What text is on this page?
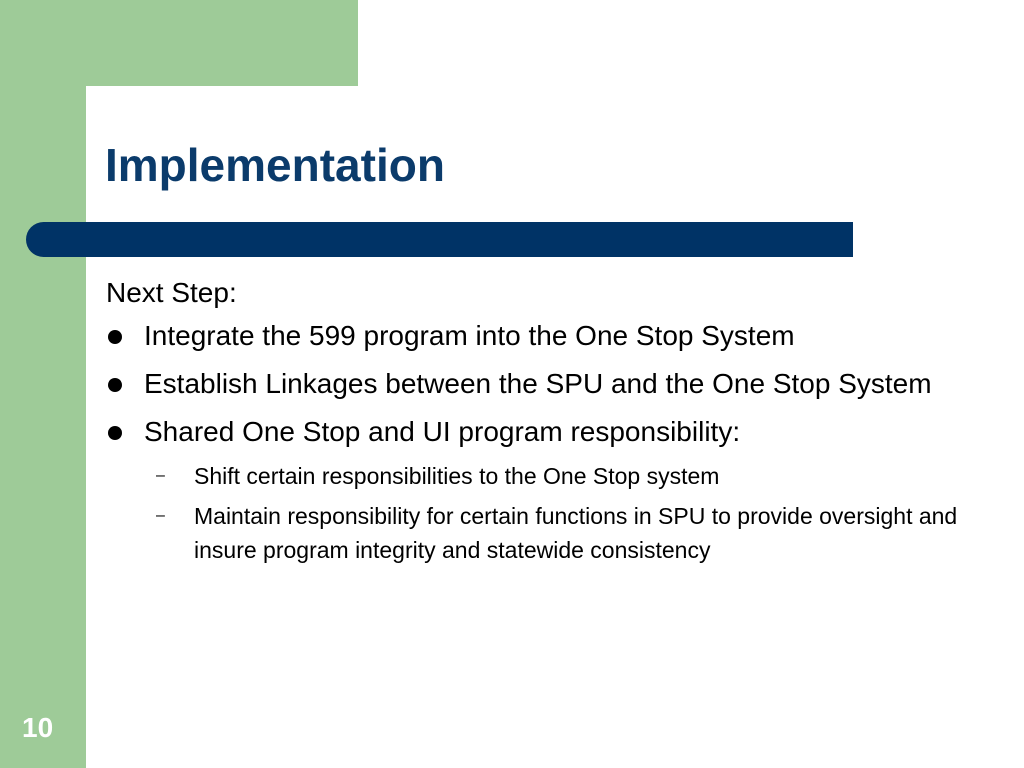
Implementation

Next Step:

Integrate the 599 program into the One Stop System
Establish Linkages between the SPU and the One Stop System
Shared One Stop and UI program responsibility:
– Shift certain responsibilities to the One Stop system
– Maintain responsibility for certain functions in SPU to provide oversight and insure program integrity and statewide consistency
10
